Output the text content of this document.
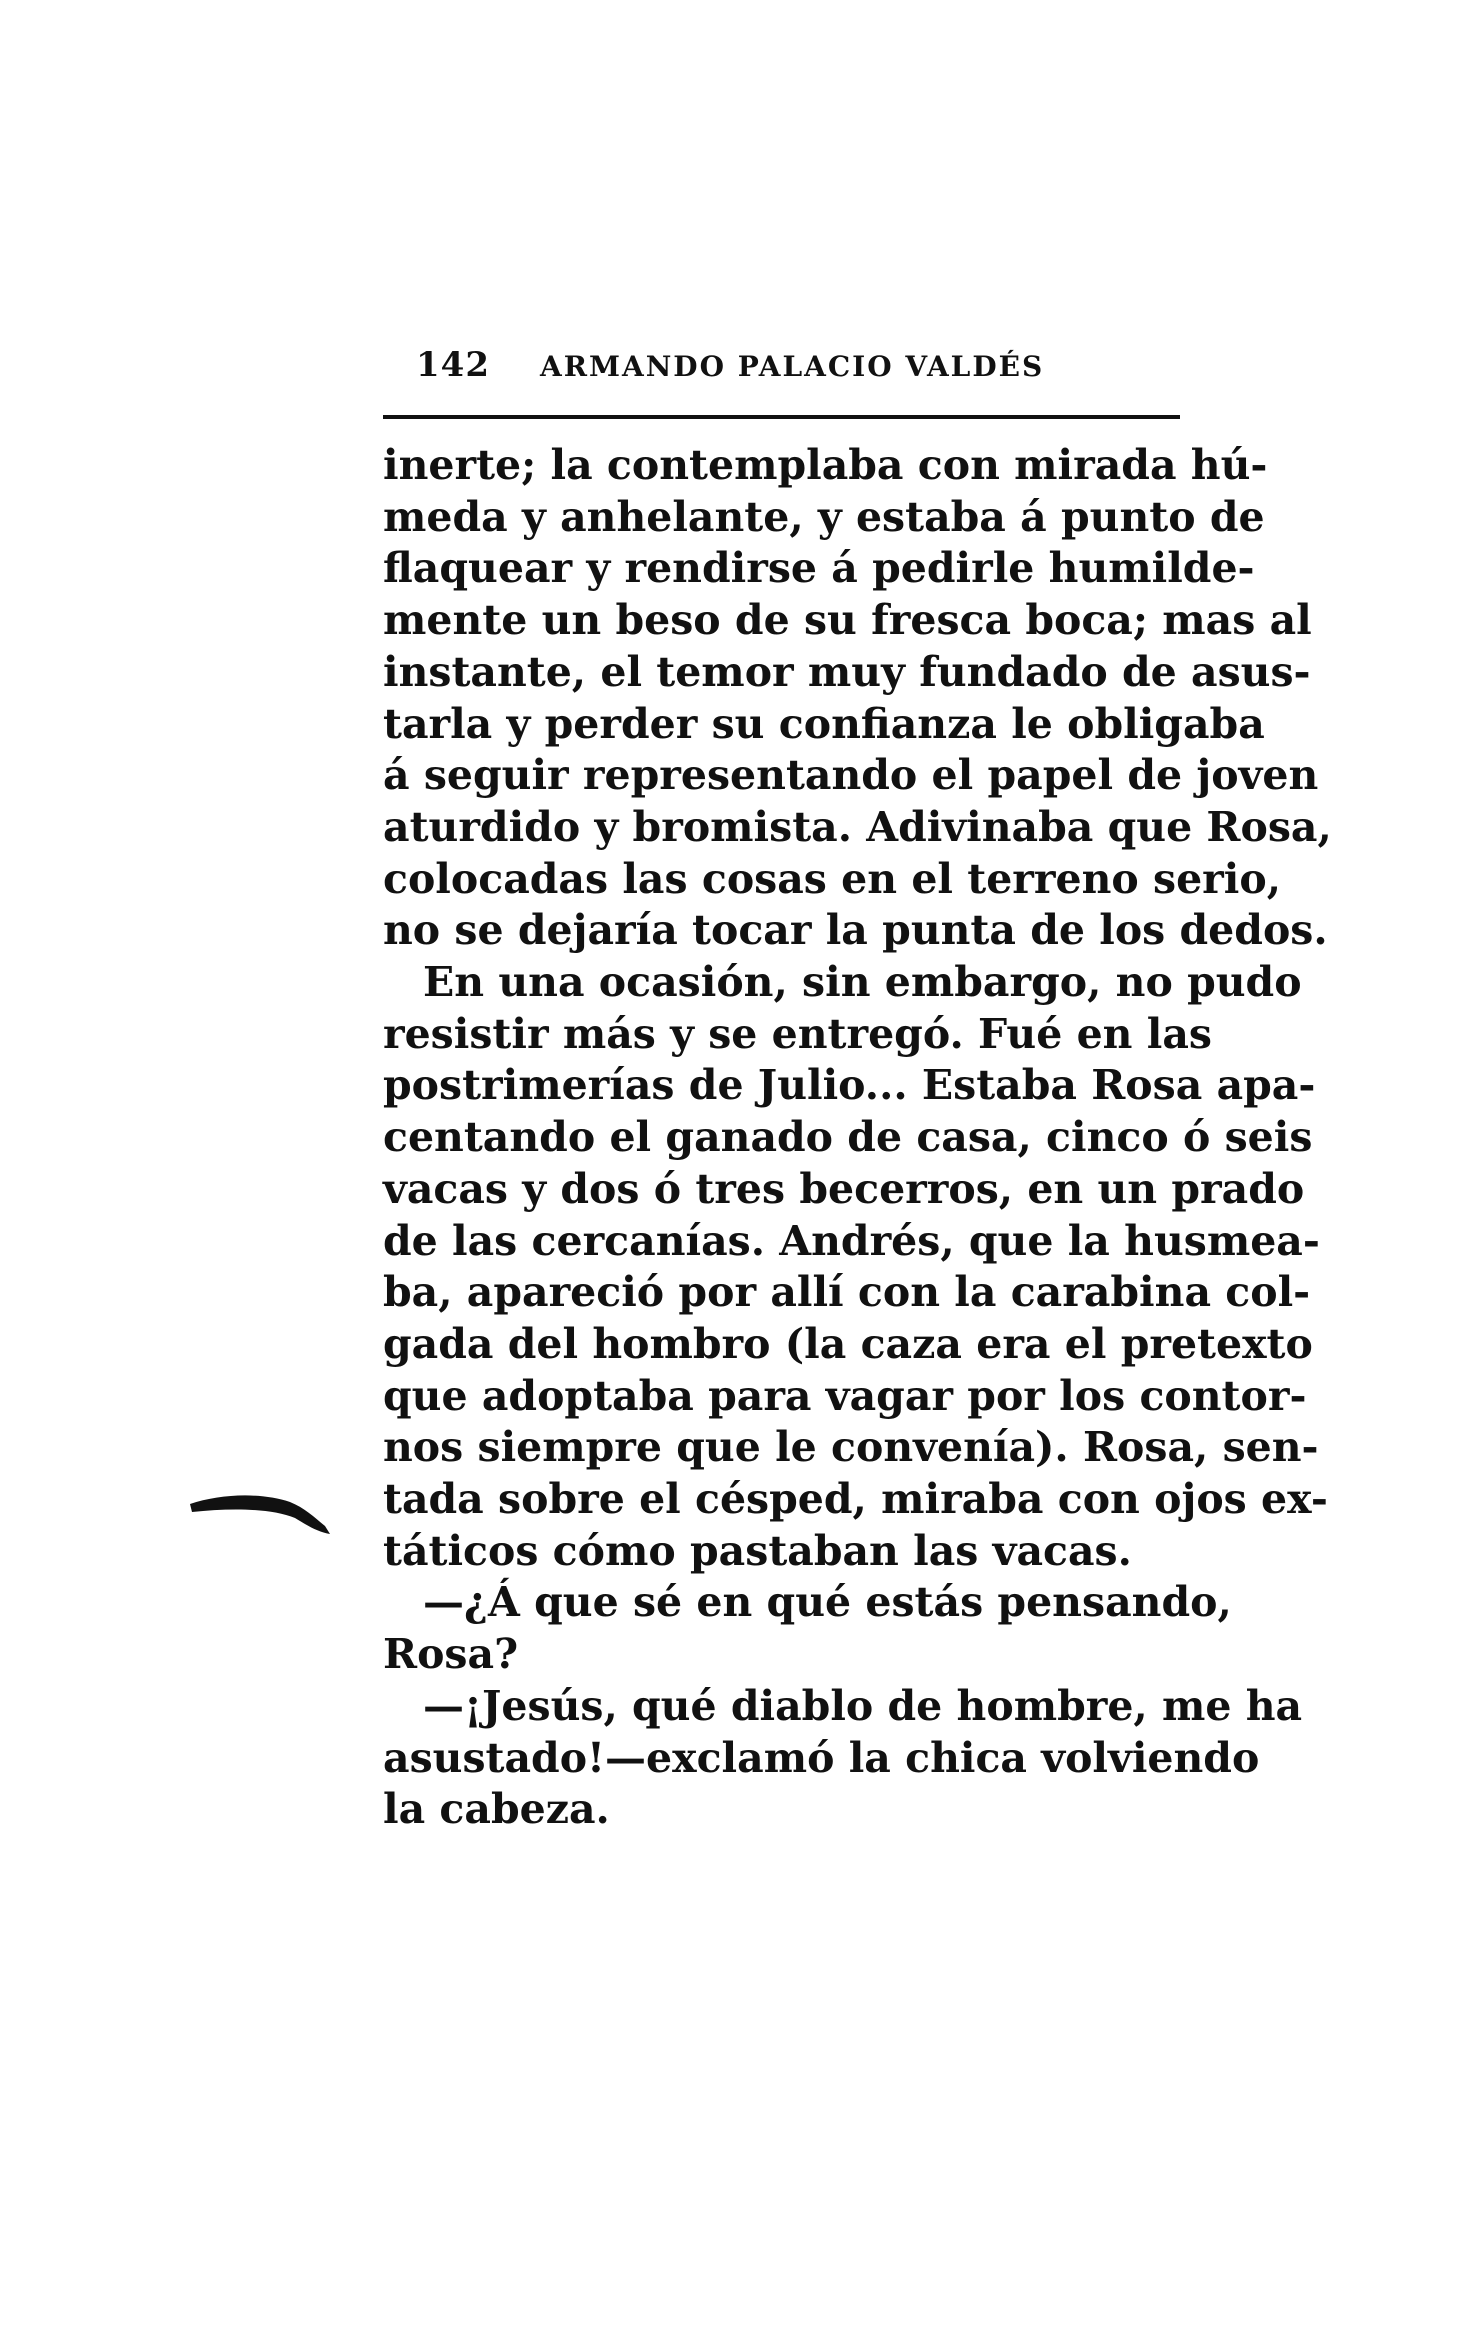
142 ARMANDO PALACIO VALDÉS
inerte; la contemplaba con mirada hú-
meda y anhelante, y estaba á punto de
flaquear y rendirse á pedirle humilde-
mente un beso de su fresca boca; mas al
instante, el temor muy fundado de asus-
tarla y perder su confianza le obligaba
á seguir representando el papel de joven
aturdido y bromista. Adivinaba que Rosa,
colocadas las cosas en el terreno serio,
no se dejaría tocar la punta de los dedos.
En una ocasión, sin embargo, no pudo
resistir más y se entregó. Fué en las
postrimerías de Julio... Estaba Rosa apa-
centando el ganado de casa, cinco ó seis
vacas y dos ó tres becerros, en un prado
de las cercanías. Andrés, que la husmea-
ba, apareció por allí con la carabina col-
gada del hombro (la caza era el pretexto
que adoptaba para vagar por los contor-
nos siempre que le convenía). Rosa, sen-
tada sobre el césped, miraba con ojos ex-
táticos cómo pastaban las vacas.
—¿Á que sé en qué estás pensando,
Rosa?
—¡Jesús, qué diablo de hombre, me ha
asustado!—exclamó la chica volviendo
la cabeza.
